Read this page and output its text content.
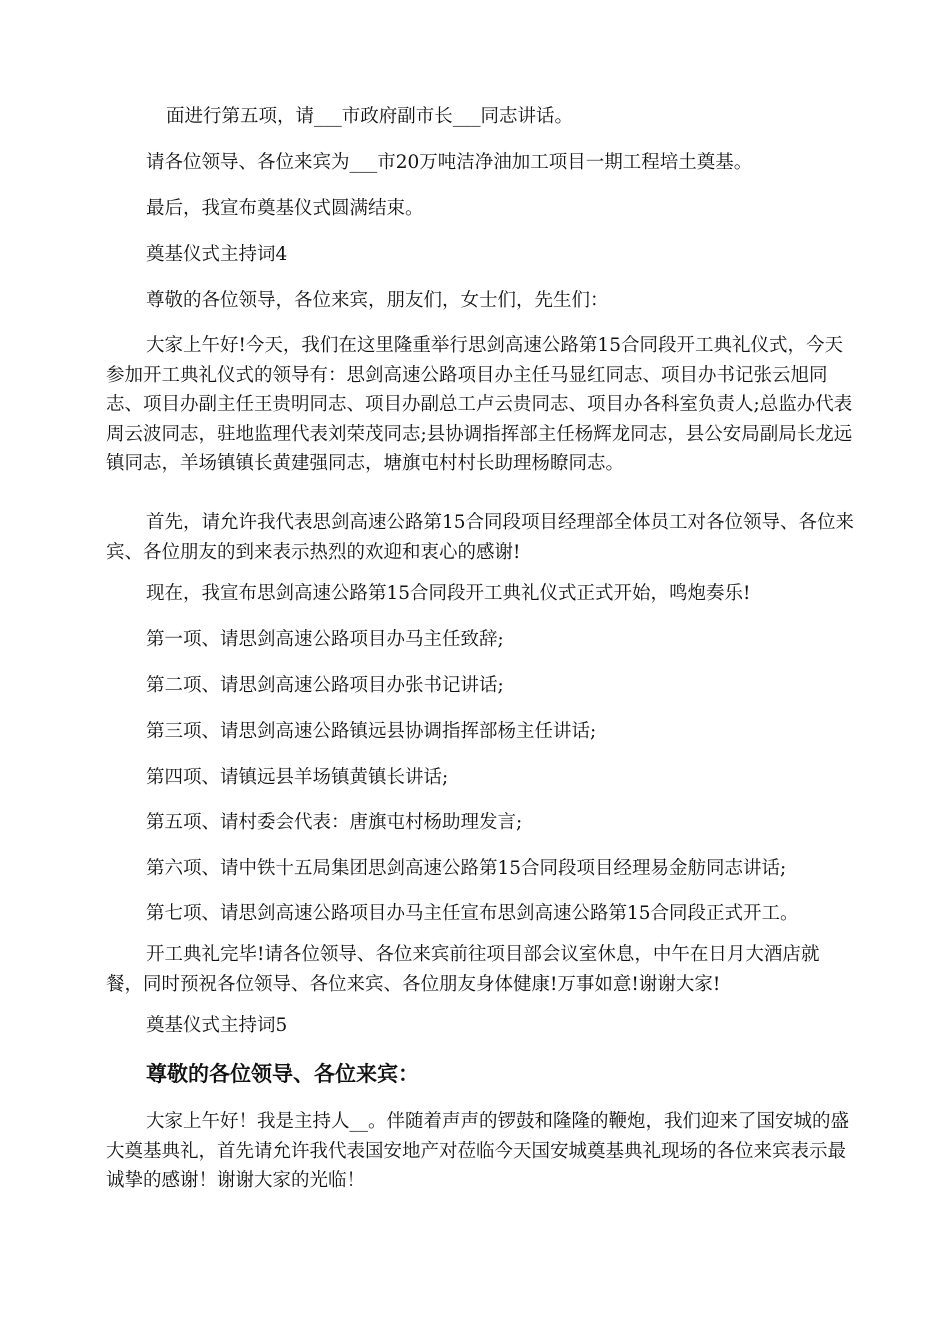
面进行第五项，请___市政府副市长___同志讲话。

请各位领导、各位来宾为___市20万吨洁净油加工项目一期工程培土奠基。

最后，我宣布奠基仪式圆满结束。

奠基仪式主持词4

尊敬的各位领导，各位来宾，朋友们，女士们，先生们：

大家上午好!今天，我们在这里隆重举行思剑高速公路第15合同段开工典礼仪式，今天参加开工典礼仪式的领导有：思剑高速公路项目办主任马显红同志、项目办书记张云旭同志、项目办副主任王贵明同志、项目办副总工卢云贵同志、项目办各科室负责人;总监办代表周云波同志，驻地监理代表刘荣茂同志;县协调指挥部主任杨辉龙同志，县公安局副局长龙远镇同志，羊场镇镇长黄建强同志，塘旗屯村村长助理杨瞭同志。

首先，请允许我代表思剑高速公路第15合同段项目经理部全体员工对各位领导、各位来宾、各位朋友的到来表示热烈的欢迎和衷心的感谢!

现在，我宣布思剑高速公路第15合同段开工典礼仪式正式开始，鸣炮奏乐!

第一项、请思剑高速公路项目办马主任致辞;

第二项、请思剑高速公路项目办张书记讲话;

第三项、请思剑高速公路镇远县协调指挥部杨主任讲话;

第四项、请镇远县羊场镇黄镇长讲话;

第五项、请村委会代表：唐旗屯村杨助理发言;

第六项、请中铁十五局集团思剑高速公路第15合同段项目经理易金舫同志讲话;

第七项、请思剑高速公路项目办马主任宣布思剑高速公路第15合同段正式开工。

开工典礼完毕!请各位领导、各位来宾前往项目部会议室休息，中午在日月大酒店就餐，同时预祝各位领导、各位来宾、各位朋友身体健康!万事如意!谢谢大家!

奠基仪式主持词5

尊敬的各位领导、各位来宾：

大家上午好！我是主持人__。伴随着声声的锣鼓和隆隆的鞭炮，我们迎来了国安城的盛大奠基典礼，首先请允许我代表国安地产对莅临今天国安城奠基典礼现场的各位来宾表示最诚挚的感谢！谢谢大家的光临！
